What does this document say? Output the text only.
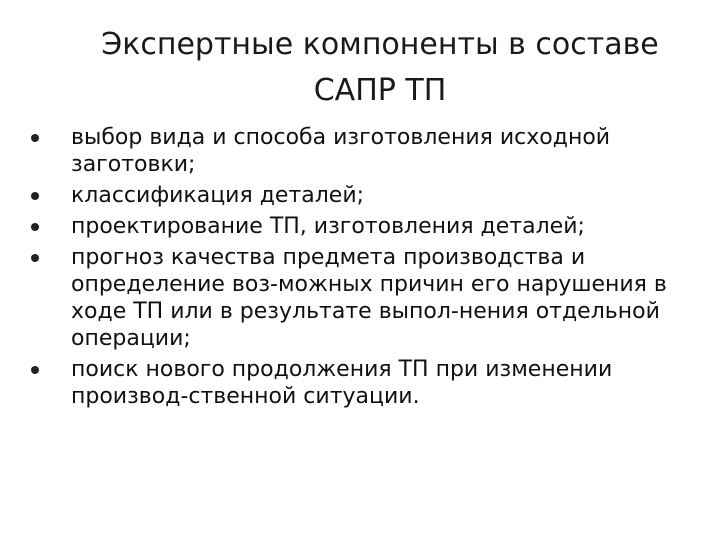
Экспертные компоненты в составе
САПР ТП
выбор вида и способа изготовления исходной заготовки;
классификация деталей;
проектирование ТП, изготовления деталей;
прогноз качества предмета производства и определение воз-можных причин его нарушения в ходе ТП или в результате выпол-нения отдельной операции;
поиск нового продолжения ТП при изменении производ-ственной ситуации.
